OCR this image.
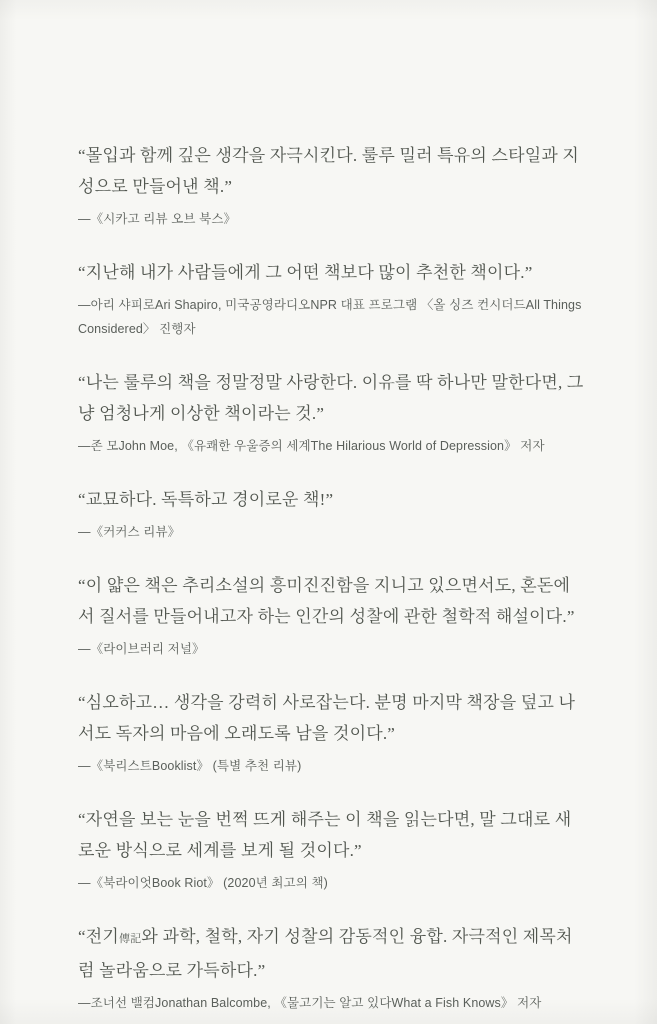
“몰입과 함께 깊은 생각을 자극시킨다. 룰루 밀러 특유의 스타일과 지성으로 만들어낸 책.”

—《시카고 리뷰 오브 북스》

“지난해 내가 사람들에게 그 어떤 책보다 많이 추천한 책이다.”

—아리 샤피로Ari Shapiro, 미국공영라디오NPR 대표 프로그램 〈올 싱즈 컨시더드All Things Considered〉 진행자

“나는 룰루의 책을 정말정말 사랑한다. 이유를 딱 하나만 말한다면, 그냥 엄청나게 이상한 책이라는 것.”

—존 모John Moe, 《유쾌한 우울증의 세계The Hilarious World of Depression》 저자

“교묘하다. 독특하고 경이로운 책!”

—《커커스 리뷰》

“이 얇은 책은 추리소설의 흥미진진함을 지니고 있으면서도, 혼돈에서 질서를 만들어내고자 하는 인간의 성찰에 관한 철학적 해설이다.”

—《라이브러리 저널》

“심오하고… 생각을 강력히 사로잡는다. 분명 마지막 책장을 덮고 나서도 독자의 마음에 오래도록 남을 것이다.”

—《북리스트Booklist》 (특별 추천 리뷰)

“자연을 보는 눈을 번쩍 뜨게 해주는 이 책을 읽는다면, 말 그대로 새로운 방식으로 세계를 보게 될 것이다.”

—《북라이엇Book Riot》 (2020년 최고의 책)

“전기傳記와 과학, 철학, 자기 성찰의 감동적인 융합. 자극적인 제목처럼 놀라움으로 가득하다.”

—조너선 밸컴Jonathan Balcombe, 《물고기는 알고 있다What a Fish Knows》 저자
